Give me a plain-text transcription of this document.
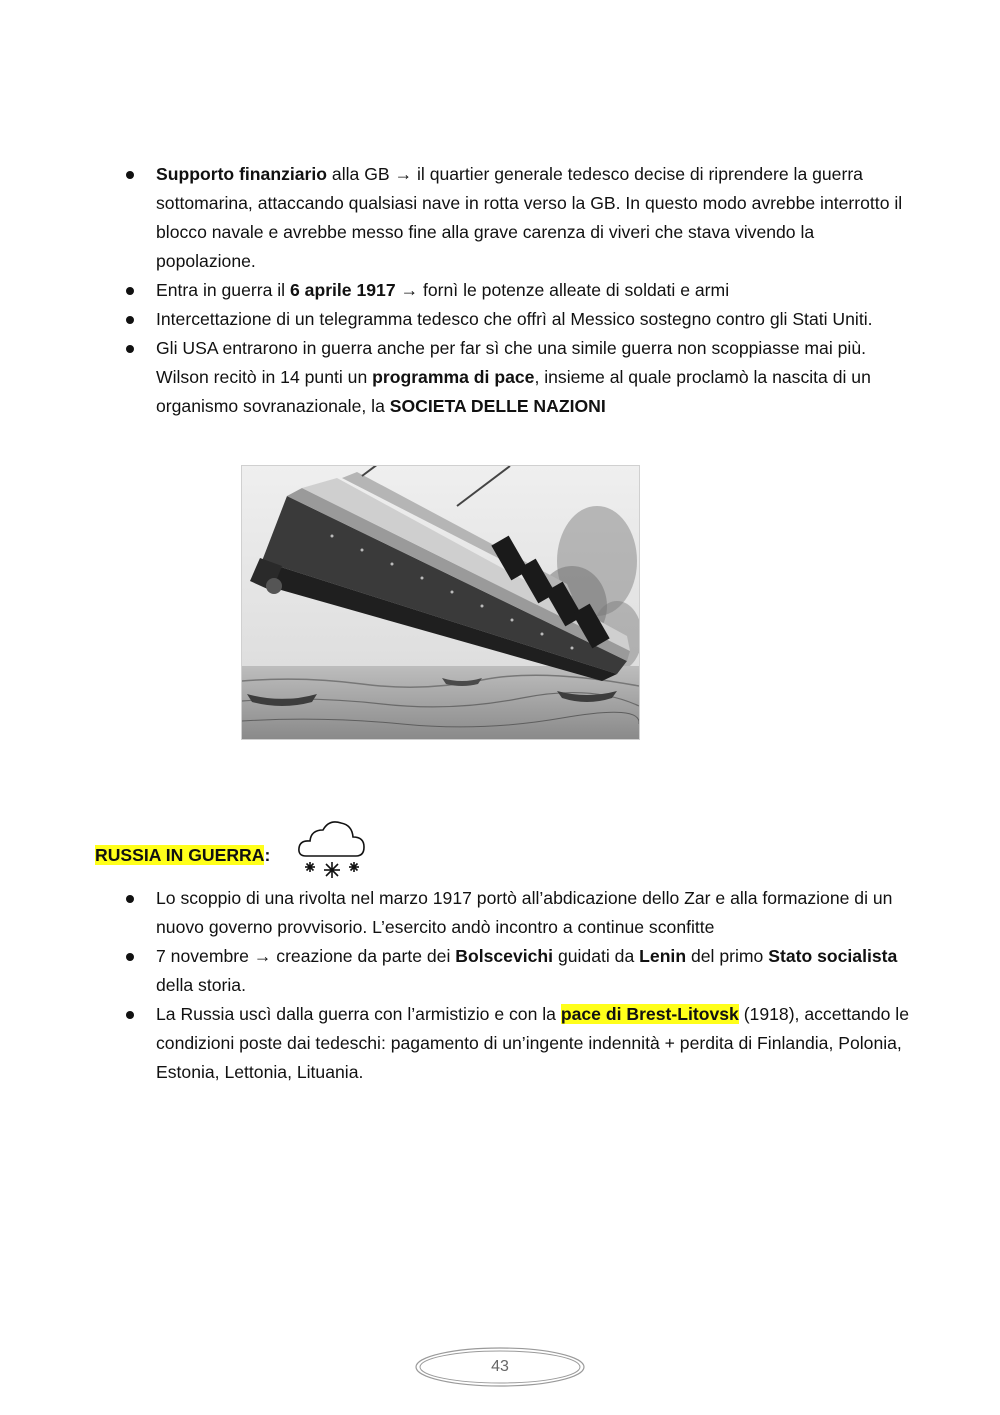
Supporto finanziario alla GB → il quartier generale tedesco decise di riprendere la guerra sottomarina, attaccando qualsiasi nave in rotta verso la GB. In questo modo avrebbe interrotto il blocco navale e avrebbe messo fine alla grave carenza di viveri che stava vivendo la popolazione.
Entra in guerra il 6 aprile 1917 → fornì le potenze alleate di soldati e armi
Intercettazione di un telegramma tedesco che offrì al Messico sostegno contro gli Stati Uniti.
Gli USA entrarono in guerra anche per far sì che una simile guerra non scoppiasse mai più. Wilson recitò in 14 punti un programma di pace, insieme al quale proclamò la nascita di un organismo sovranazionale, la SOCIETA DELLE NAZIONI
RUSSIA IN GUERRA:
Lo scoppio di una rivolta nel marzo 1917 portò all’abdicazione dello Zar e alla formazione di un nuovo governo provvisorio. L’esercito andò incontro a continue sconfitte
7 novembre → creazione da parte dei Bolscevichi guidati da Lenin del primo Stato socialista della storia.
La Russia uscì dalla guerra con l’armistizio e con la pace di Brest-Litovsk (1918), accettando le condizioni poste dai tedeschi: pagamento di un’ingente indennità + perdita di Finlandia, Polonia, Estonia, Lettonia, Lituania.
43
